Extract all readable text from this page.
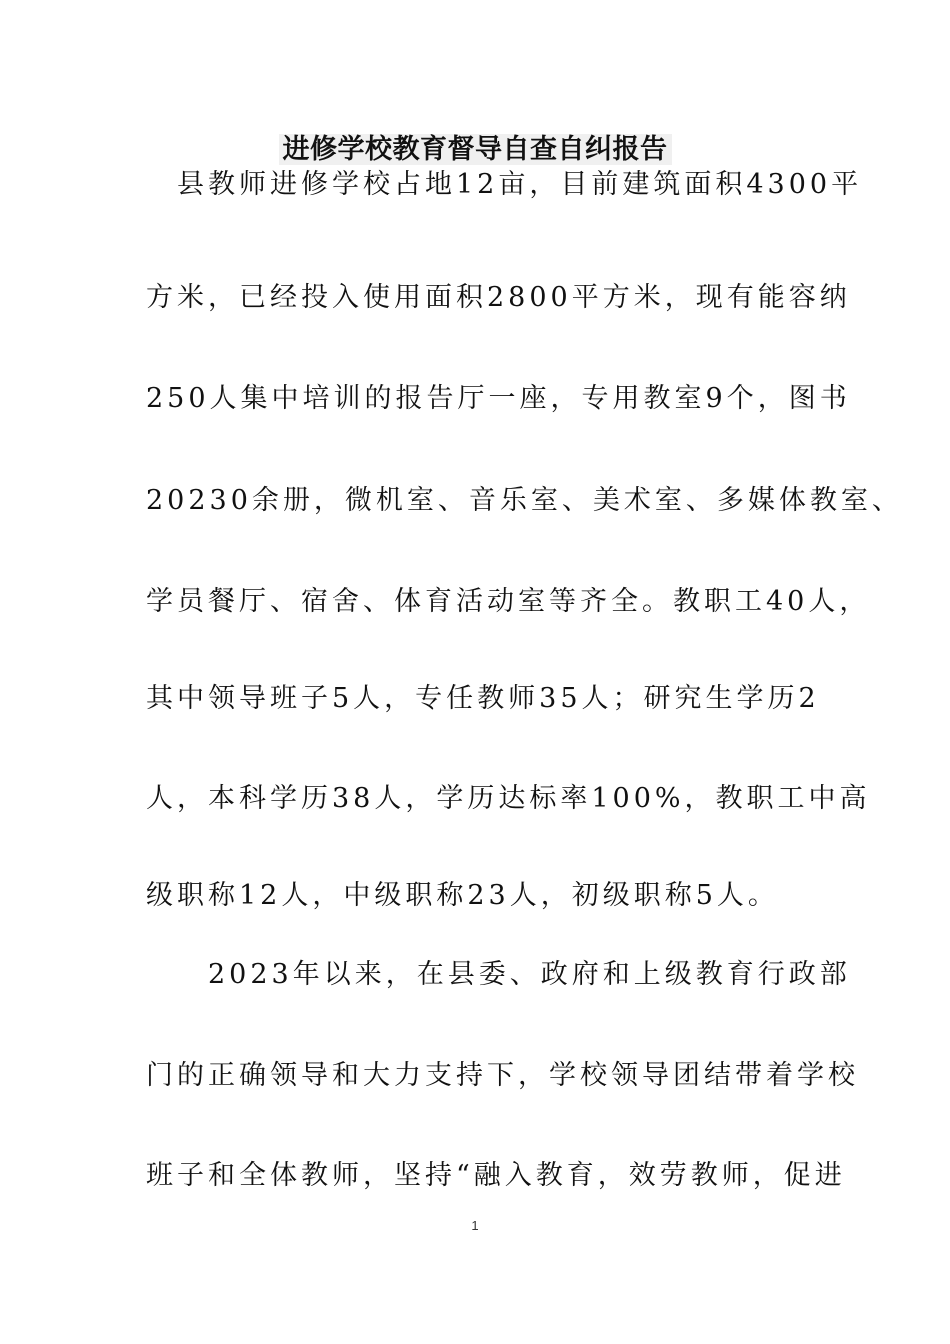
进修学校教育督导自查自纠报告
　县教师进修学校占地12亩，目前建筑面积4300平
方米，已经投入使用面积2800平方米，现有能容纳
250人集中培训的报告厅一座，专用教室9个，图书
20230余册，微机室、音乐室、美术室、多媒体教室、
学员餐厅、宿舍、体育活动室等齐全。教职工40人，
其中领导班子5人，专任教师35人；研究生学历2
人，本科学历38人，学历达标率100%，教职工中高
级职称12人，中级职称23人，初级职称5人。
　　2023年以来，在县委、政府和上级教育行政部
门的正确领导和大力支持下，学校领导团结带着学校
班子和全体教师，坚持“融入教育，效劳教师，促进
1
